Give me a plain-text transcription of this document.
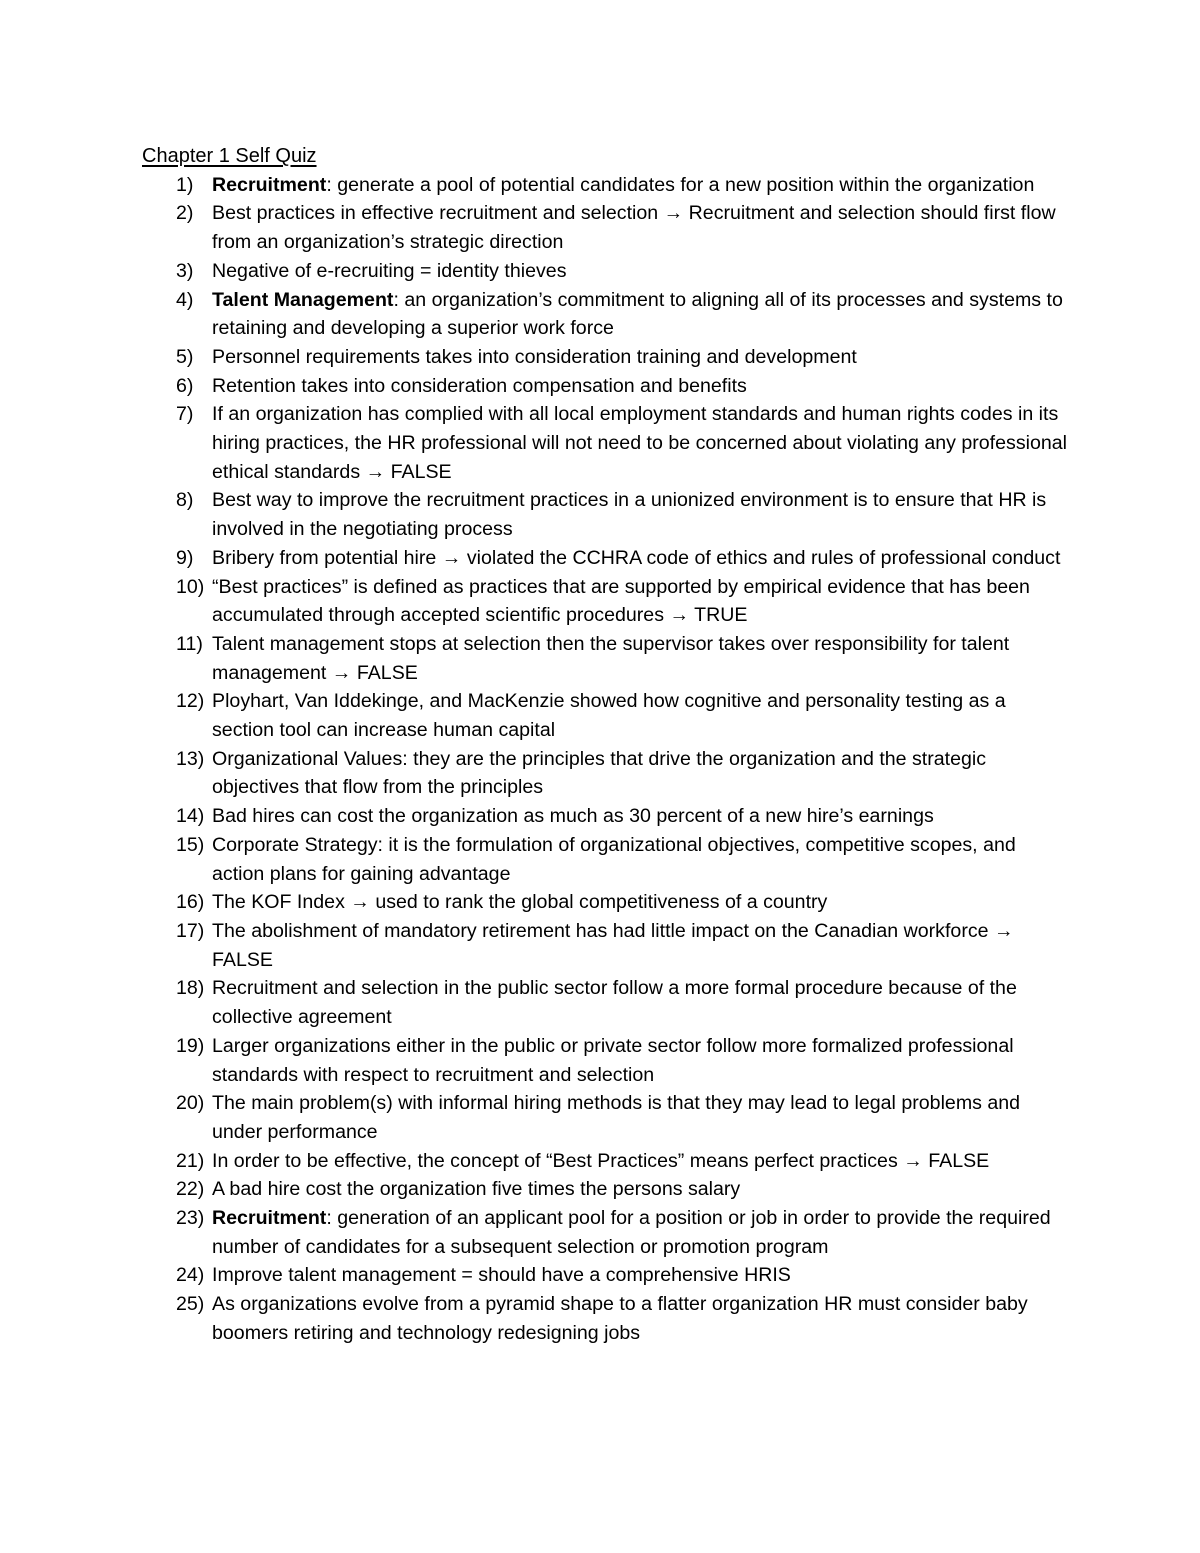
Chapter 1 Self Quiz
1) Recruitment: generate a pool of potential candidates for a new position within the organization
2) Best practices in effective recruitment and selection → Recruitment and selection should first flow from an organization’s strategic direction
3) Negative of e-recruiting = identity thieves
4) Talent Management: an organization’s commitment to aligning all of its processes and systems to retaining and developing a superior work force
5) Personnel requirements takes into consideration training and development
6) Retention takes into consideration compensation and benefits
7) If an organization has complied with all local employment standards and human rights codes in its hiring practices, the HR professional will not need to be concerned about violating any professional ethical standards → FALSE
8) Best way to improve the recruitment practices in a unionized environment is to ensure that HR is involved in the negotiating process
9) Bribery from potential hire → violated the CCHRA code of ethics and rules of professional conduct
10) “Best practices” is defined as practices that are supported by empirical evidence that has been accumulated through accepted scientific procedures → TRUE
11) Talent management stops at selection then the supervisor takes over responsibility for talent management → FALSE
12) Ployhart, Van Iddekinge, and MacKenzie showed how cognitive and personality testing as a section tool can increase human capital
13) Organizational Values: they are the principles that drive the organization and the strategic objectives that flow from the principles
14) Bad hires can cost the organization as much as 30 percent of a new hire’s earnings
15) Corporate Strategy: it is the formulation of organizational objectives, competitive scopes, and action plans for gaining advantage
16) The KOF Index → used to rank the global competitiveness of a country
17) The abolishment of mandatory retirement has had little impact on the Canadian workforce → FALSE
18) Recruitment and selection in the public sector follow a more formal procedure because of the collective agreement
19) Larger organizations either in the public or private sector follow more formalized professional standards with respect to recruitment and selection
20) The main problem(s) with informal hiring methods is that they may lead to legal problems and under performance
21) In order to be effective, the concept of “Best Practices” means perfect practices → FALSE
22) A bad hire cost the organization five times the persons salary
23) Recruitment: generation of an applicant pool for a position or job in order to provide the required number of candidates for a subsequent selection or promotion program
24) Improve talent management = should have a comprehensive HRIS
25) As organizations evolve from a pyramid shape to a flatter organization HR must consider baby boomers retiring and technology redesigning jobs
